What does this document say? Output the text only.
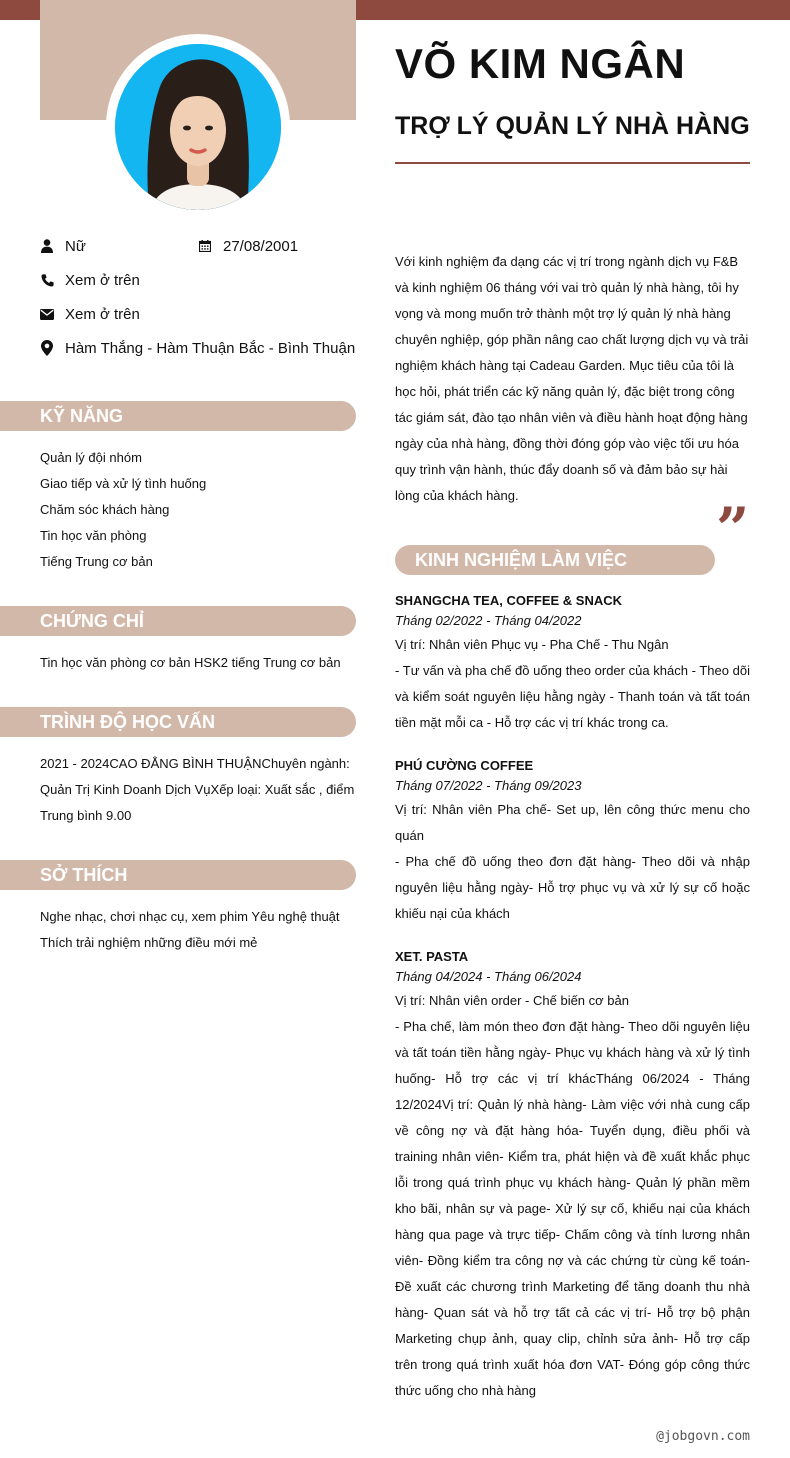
VÕ KIM NGÂN
TRỢ LÝ QUẢN LÝ NHÀ HÀNG
Nữ	27/08/2001
Xem ở trên
Xem ở trên
Hàm Thắng - Hàm Thuận Bắc - Bình Thuận
KỸ NĂNG
Quản lý đội nhóm
Giao tiếp và xử lý tình huống
Chăm sóc khách hàng
Tin học văn phòng
Tiếng Trung cơ bản
CHỨNG CHỈ

Tin học văn phòng cơ bản HSK2 tiếng Trung cơ bản

TRÌNH ĐỘ HỌC VẤN

2021 - 2024CAO ĐẲNG BÌNH THUẬNChuyên ngành: Quản Trị Kinh Doanh Dịch VụXếp loại: Xuất sắc , điểm Trung bình 9.00

SỞ THÍCH
Nghe nhạc, chơi nhạc cụ, xem phim Yêu nghệ thuật
Thích trải nghiệm những điều mới mẻ

Với kinh nghiệm đa dạng các vị trí trong ngành dịch vụ F&B và kinh nghiệm 06 tháng với vai trò quản lý nhà hàng, tôi hy vọng và mong muốn trở thành một trợ lý quản lý nhà hàng chuyên nghiệp, góp phần nâng cao chất lượng dịch vụ và trải nghiệm khách hàng tại Cadeau Garden. Mục tiêu của tôi là học hỏi, phát triển các kỹ năng quản lý, đặc biệt trong công tác giám sát, đào tạo nhân viên và điều hành hoạt động hàng ngày của nhà hàng, đồng thời đóng góp vào việc tối ưu hóa quy trình vận hành, thúc đẩy doanh số và đảm bảo sự hài lòng của khách hàng.	”
KINH NGHIỆM LÀM VIỆC
SHANGCHA TEA, COFFEE & SNACK
Tháng 02/2022 - Tháng 04/2022
Vị trí: Nhân viên Phục vụ - Pha Chế - Thu Ngân
- Tư vấn và pha chế đồ uống theo order của khách - Theo dõi và kiểm soát nguyên liệu hằng ngày - Thanh toán và tất toán tiền mặt mỗi ca - Hỗ trợ các vị trí khác trong ca.
PHÚ CƯỜNG COFFEE
Tháng 07/2022 - Tháng 09/2023
Vị trí: Nhân viên Pha chế- Set up, lên công thức menu cho quán
- Pha chế đồ uống theo đơn đặt hàng- Theo dõi và nhập nguyên liệu hằng ngày- Hỗ trợ phục vụ và xử lý sự cố hoặc khiếu nại của khách
XET. PASTA
Tháng 04/2024 - Tháng 06/2024
Vị trí: Nhân viên order - Chế biến cơ bản
- Pha chế, làm món theo đơn đặt hàng- Theo dõi nguyên liệu và tất toán tiền hằng ngày- Phục vụ khách hàng và xử lý tình huống- Hỗ trợ các vị trí khácTháng 06/2024 - Tháng 12/2024Vị trí: Quản lý nhà hàng- Làm việc với nhà cung cấp về công nợ và đặt hàng hóa- Tuyển dụng, điều phối và training nhân viên- Kiểm tra, phát hiện và đề xuất khắc phục lỗi trong quá trình phục vụ khách hàng- Quản lý phần mềm kho bãi, nhân sự và page- Xử lý sự cố, khiếu nại của khách hàng qua page và trực tiếp- Chấm công và tính lương nhân viên- Đồng kiểm tra công nợ và các chứng từ cùng kế toán- Đề xuất các chương trình Marketing để tăng doanh thu nhà hàng- Quan sát và hỗ trợ tất cả các vị trí- Hỗ trợ bộ phận Marketing chụp ảnh, quay clip, chỉnh sửa ảnh- Hỗ trợ cấp trên trong quá trình xuất hóa đơn VAT- Đóng góp công thức thức uống cho nhà hàng
@jobgovn.com
